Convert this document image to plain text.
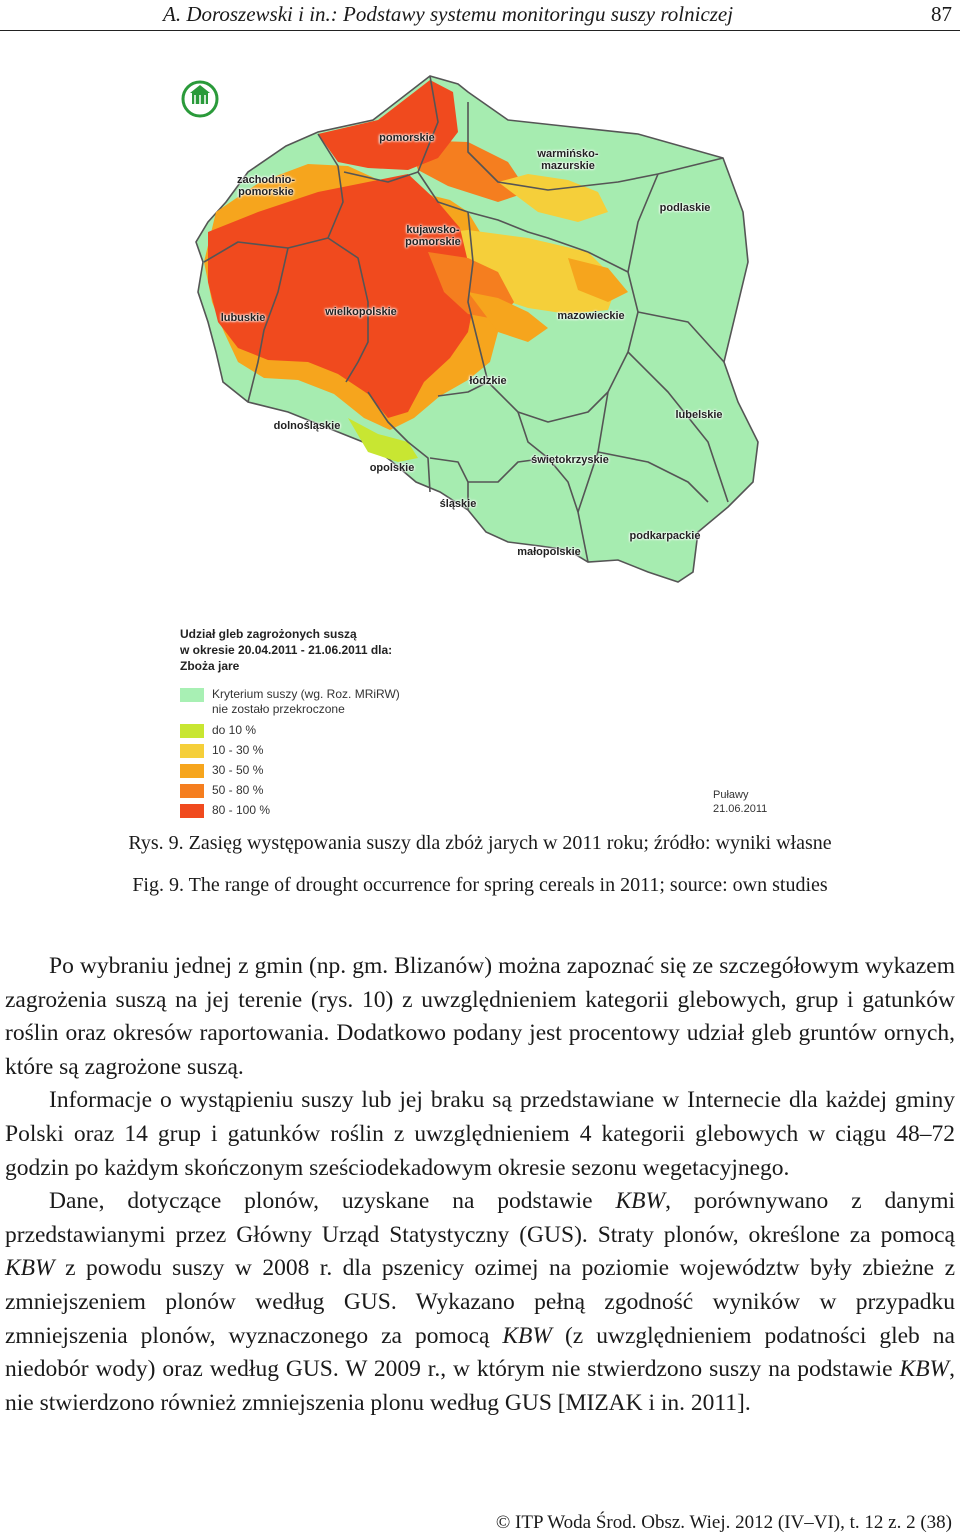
A. Doroszewski i in.: Podstawy systemu monitoringu suszy rolniczej	87
pomorskie
warmińsko-
mazurskie
zachodnio-
pomorskie
kujawsko-
pomorskie
podlaskie
lubuskie	wielkopolskie	mazowieckie
łódzkie
lubelskie
dolnośląskie
świętokrzyskie
opolskie
śląskie
podkarpackie
małopolskie
Udział gleb zagrożonych suszą
w okresie 20.04.2011 - 21.06.2011 dla:
Zboża jare
Kryterium suszy (wg. Roz. MRiRW)
nie zostało przekroczone
do 10 %
10 - 30 %
30 - 50 %
50 - 80 %
80 - 100 %
Puławy
21.06.2011
Rys. 9. Zasięg występowania suszy dla zbóż jarych w 2011 roku; źródło: wyniki własne
Fig. 9. The range of drought occurrence for spring cereals in 2011; source: own studies

Po wybraniu jednej z gmin (np. gm. Blizanów) można zapoznać się ze szczegółowym wykazem zagrożenia suszą na jej terenie (rys. 10) z uwzględnieniem kategorii glebowych, grup i gatunków roślin oraz okresów raportowania. Dodatkowo podany jest procentowy udział gleb gruntów ornych, które są zagrożone suszą.

Informacje o wystąpieniu suszy lub jej braku są przedstawiane w Internecie dla każdej gminy Polski oraz 14 grup i gatunków roślin z uwzględnieniem 4 kategorii glebowych w ciągu 48–72 godzin po każdym skończonym sześciodekadowym okresie sezonu wegetacyjnego.

Dane, dotyczące plonów, uzyskane na podstawie KBW, porównywano z danymi przedstawianymi przez Główny Urząd Statystyczny (GUS). Straty plonów, określone za pomocą KBW z powodu suszy w 2008 r. dla pszenicy ozimej na poziomie województw były zbieżne z zmniejszeniem plonów według GUS. Wykazano pełną zgodność wyników w przypadku zmniejszenia plonów, wyznaczonego za pomocą KBW (z uwzględnieniem podatności gleb na niedobór wody) oraz według GUS. W 2009 r., w którym nie stwierdzono suszy na podstawie KBW, nie stwierdzono również zmniejszenia plonu według GUS [MIZAK i in. 2011].

© ITP Woda Środ. Obsz. Wiej. 2012 (IV–VI), t. 12 z. 2 (38)
